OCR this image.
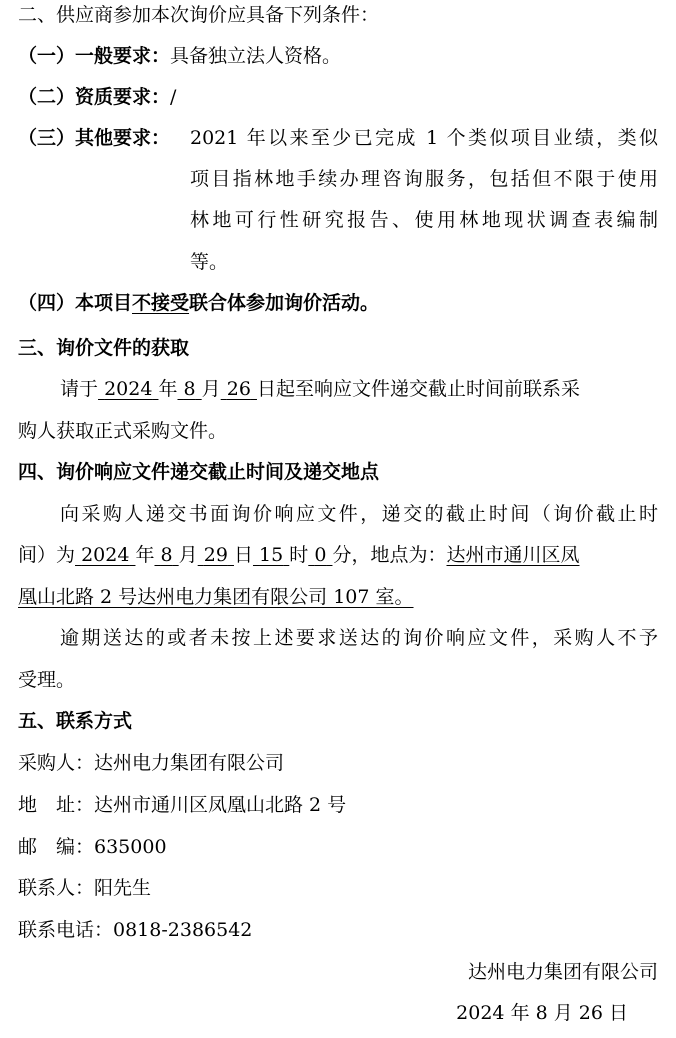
二、供应商参加本次询价应具备下列条件：
（一）一般要求：具备独立法人资格。
（二）资质要求：/
（三）其他要求： 2021 年以来至少已完成 1 个类似项目业绩，类似
项目指林地手续办理咨询服务，包括但不限于使用
林地可行性研究报告、使用林地现状调查表编制
等。
（四）本项目不接受联合体参加询价活动。
三、询价文件的获取
请于 2024 年 8 月 26 日起至响应文件递交截止时间前联系采
购人获取正式采购文件。
四、询价响应文件递交截止时间及递交地点
向采购人递交书面询价响应文件，递交的截止时间（询价截止时
间）为 2024 年 8 月 29 日 15 时 0 分，地点为：达州市通川区凤
凰山北路 2 号达州电力集团有限公司 107 室。
逾期送达的或者未按上述要求送达的询价响应文件，采购人不予
受理。
五、联系方式
采购人：达州电力集团有限公司
地　址：达州市通川区凤凰山北路 2 号
邮　编：635000
联系人：阳先生
联系电话：0818-2386542
达州电力集团有限公司
2024 年 8 月 26 日
